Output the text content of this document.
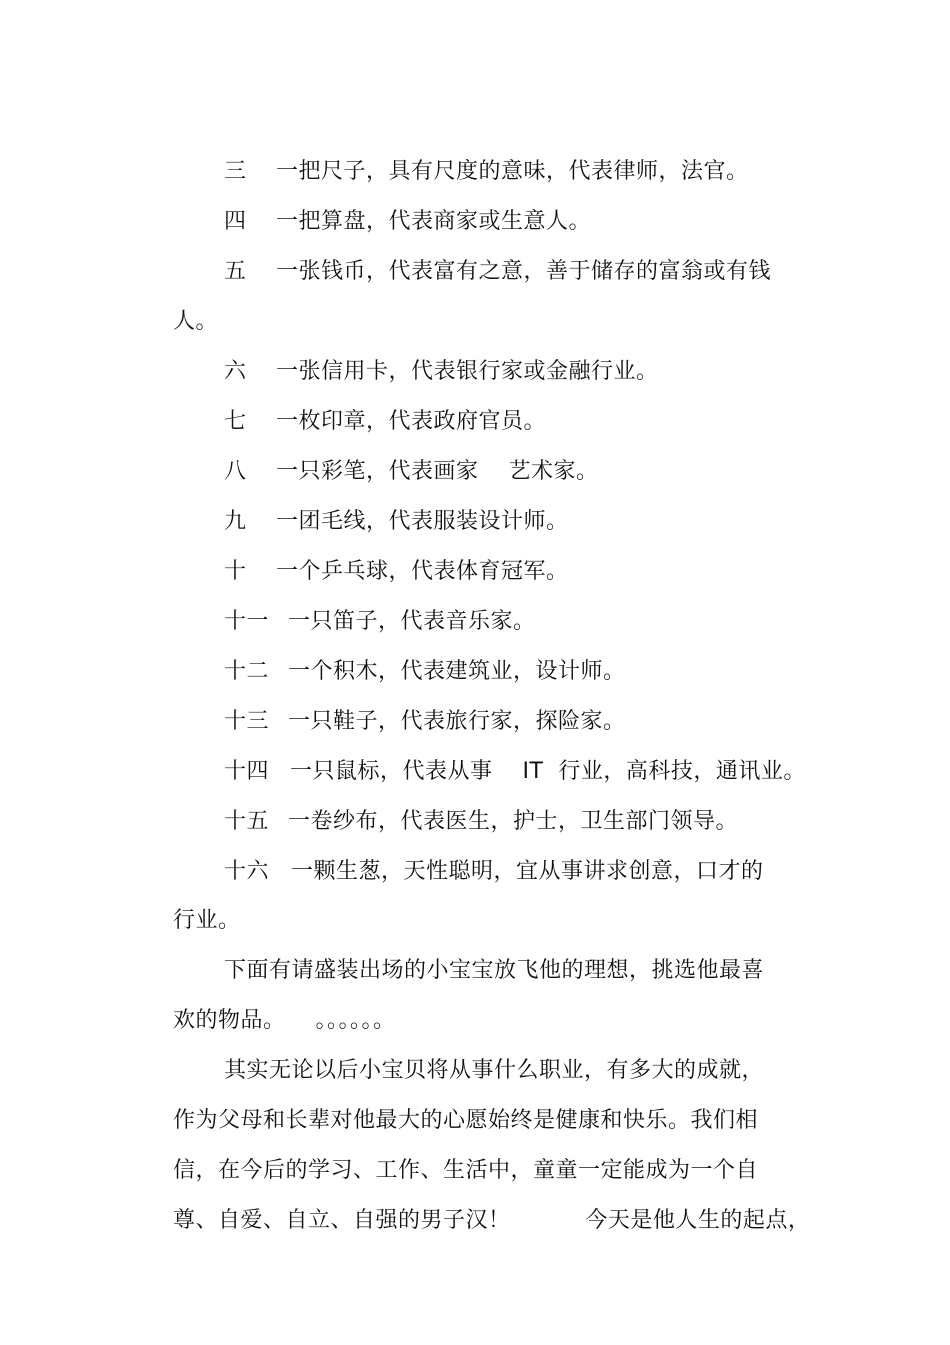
三 一把尺子，具有尺度的意味，代表律师，法官。

四 一把算盘，代表商家或生意人。

五 一张钱币，代表富有之意，善于储存的富翁或有钱

人。

六 一张信用卡，代表银行家或金融行业。

七 一枚印章，代表政府官员。

八 一只彩笔，代表画家    艺术家。

九 一团毛线，代表服装设计师。

十 一个乒乓球，代表体育冠军。

十一 一只笛子，代表音乐家。

十二 一个积木，代表建筑业，设计师。

十三 一只鞋子，代表旅行家，探险家。

十四 一只鼠标，代表从事    IT  行业，高科技，通讯业。

十五 一卷纱布，代表医生，护士，卫生部门领导。

十六 一颗生葱，天性聪明，宜从事讲求创意，口才的

行业。

下面有请盛装出场的小宝宝放飞他的理想，挑选他最喜

欢的物品。    。。。。。。

其实无论以后小宝贝将从事什么职业，有多大的成就，

作为父母和长辈对他最大的心愿始终是健康和快乐。我们相

信，在今后的学习、工作、生活中，童童一定能成为一个自

尊、自爱、自立、自强的男子汉！          今天是他人生的起点，
